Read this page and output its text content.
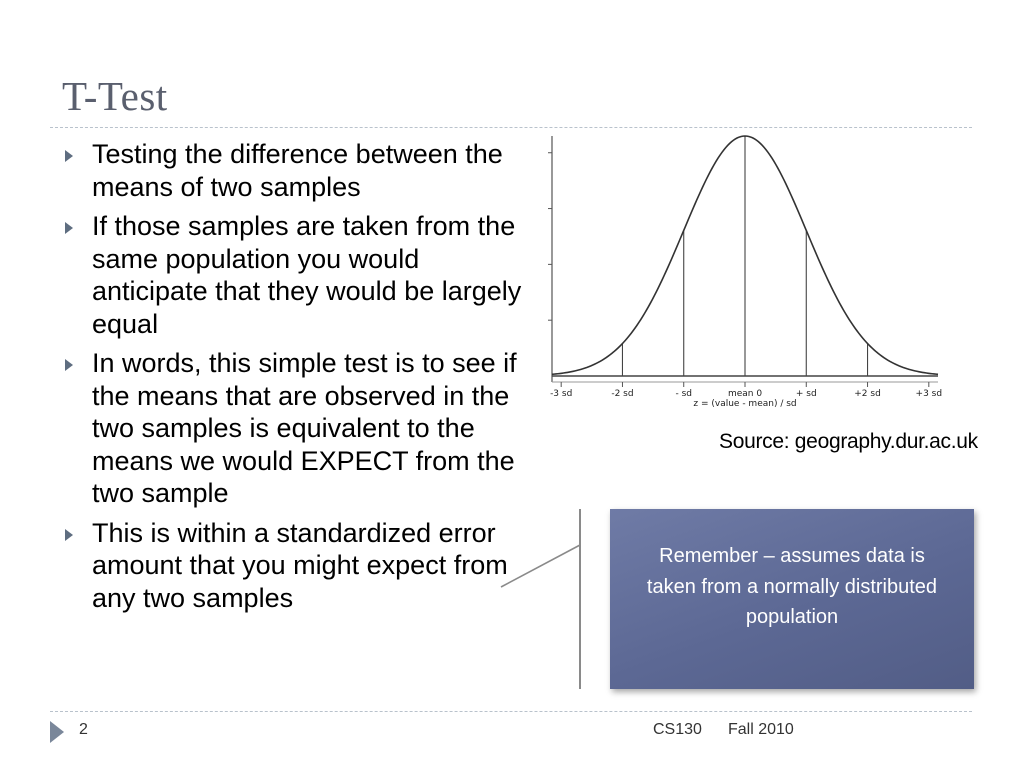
T-Test
Testing the difference between the means of two samples
If those samples are taken from the same population you would anticipate that they would be largely equal
In words, this simple test is to see if the means that are observed in the two samples is equivalent to the means we would EXPECT from the two sample
This is within a standardized error amount that you might expect from any two samples
-3 sd	-2 sd	- sd	mean 0	+ sd	+2 sd	+3 sd
z = (value - mean) / sd
Source: geography.dur.ac.uk
Remember – assumes data is taken from a normally distributed population
2	CS130 Fall 2010
